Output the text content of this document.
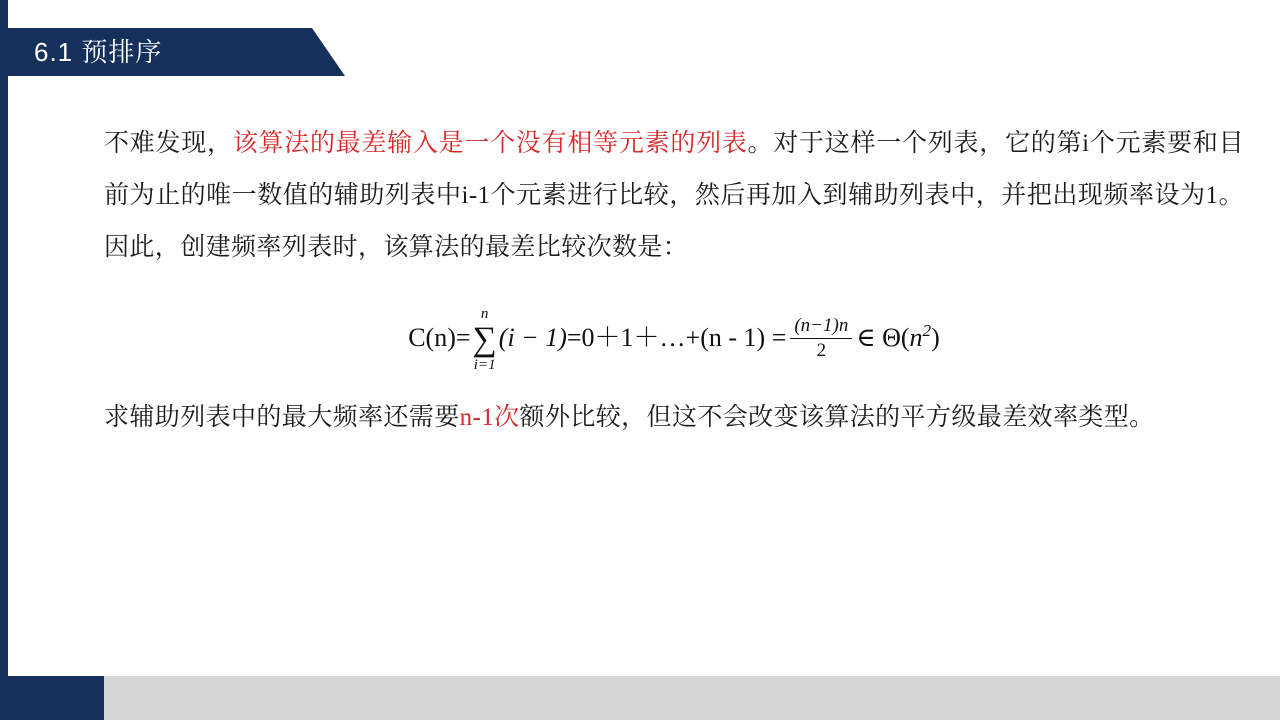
6.1 预排序
不难发现，该算法的最差输入是一个没有相等元素的列表。对于这样一个列表，它的第i个元素要和目前为止的唯一数值的辅助列表中i-1个元素进行比较，然后再加入到辅助列表中，并把出现频率设为1。因此，创建频率列表时，该算法的最差比较次数是：
C(n)=
n
∑
i=1
(i − 1)=0＋1＋…+(n - $1) = \frac{(n-1)n}{2}$ ∈ $\Theta(n^2)$
求辅助列表中的最大频率还需要n-1次额外比较，但这不会改变该算法的平方级最差效率类型。
